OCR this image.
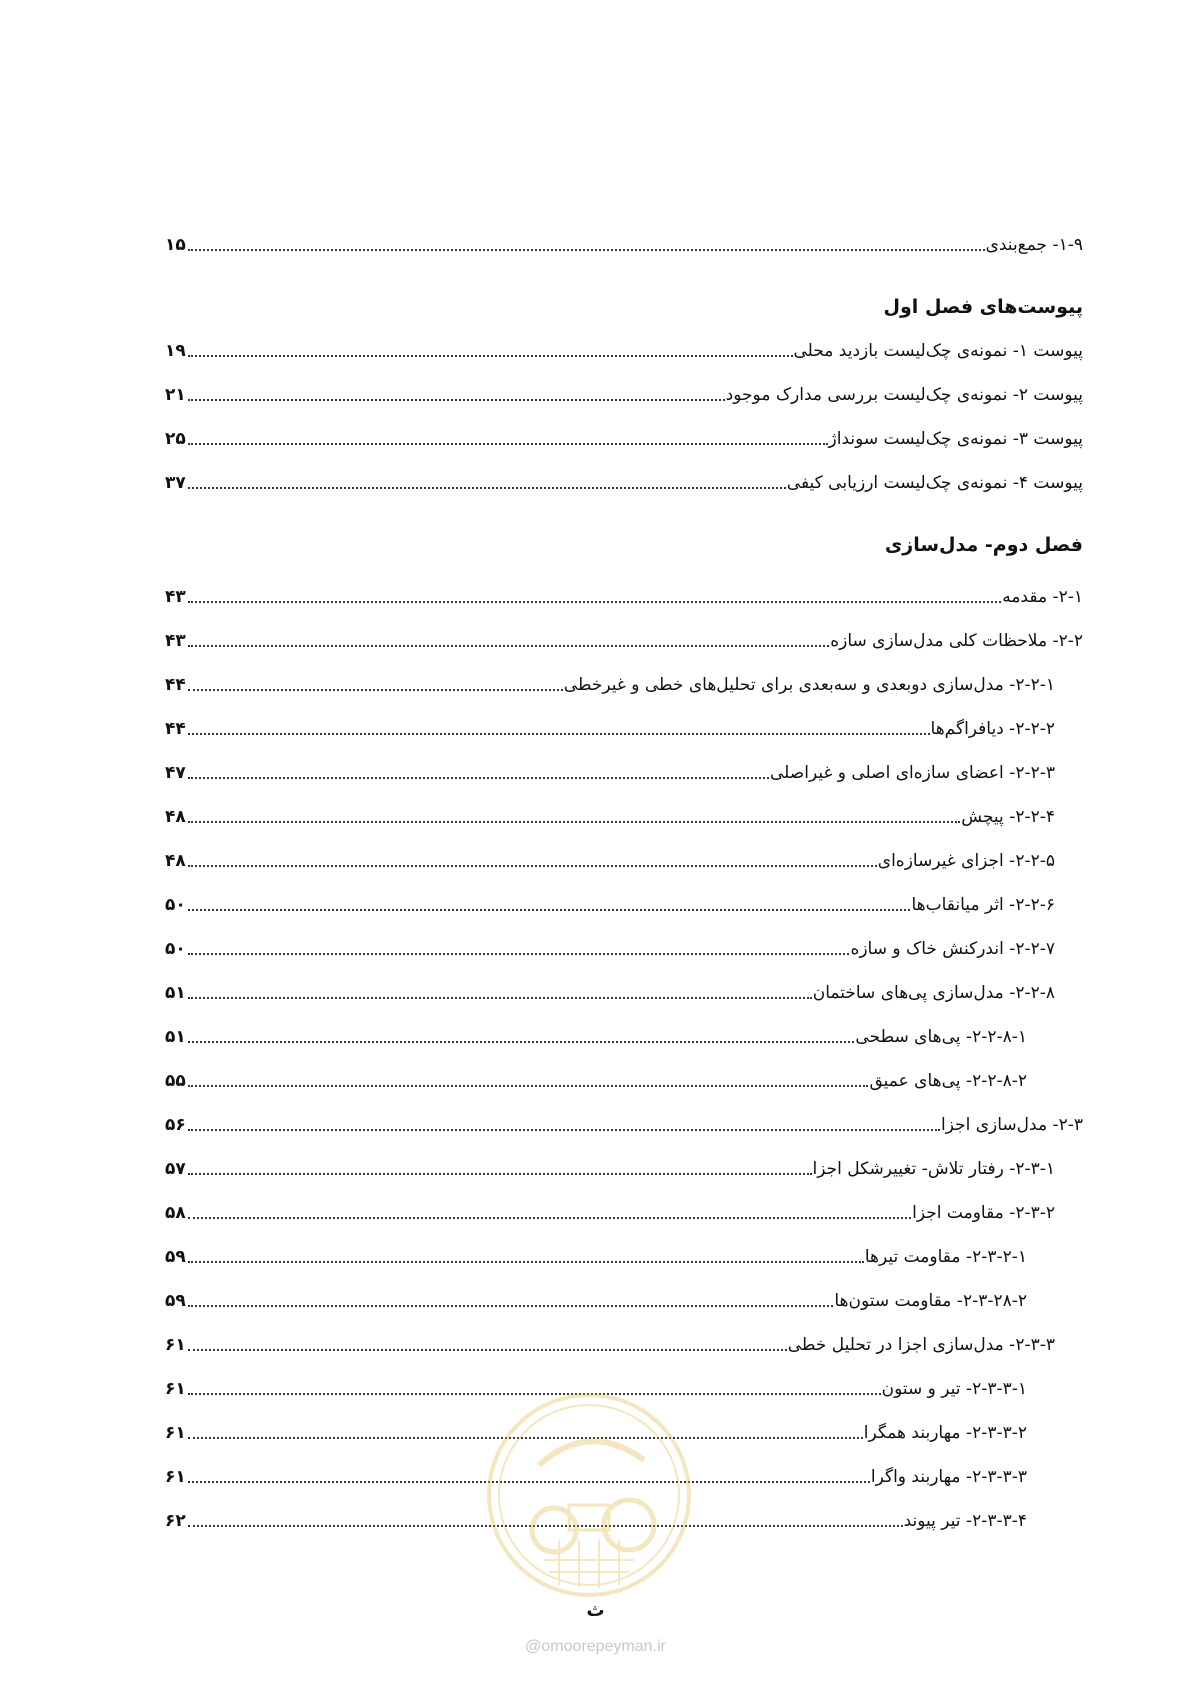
۱-۹- جمع‌بندی
۱۵
پیوست‌های فصل اول
پیوست ۱- نمونه‌ی چک‌لیست بازدید محلی
۱۹
پیوست ۲- نمونه‌ی چک‌لیست بررسی مدارک موجود
۲۱
پیوست ۳- نمونه‌ی چک‌لیست سونداژ
۲۵
پیوست ۴- نمونه‌ی چک‌لیست ارزیابی کیفی
۳۷
فصل دوم- مدل‌سازی
۲-۱- مقدمه
۴۳
۲-۲- ملاحظات کلی مدل‌سازی سازه
۴۳
۲-۲-۱- مدل‌سازی دوبعدی و سه‌بعدی برای تحلیل‌های خطی و غیرخطی
۴۴
۲-۲-۲- دیافراگم‌ها
۴۴
۲-۲-۳- اعضای سازه‌ای اصلی و غیراصلی
۴۷
۲-۲-۴- پیچش
۴۸
۲-۲-۵- اجزای غیرسازه‌ای
۴۸
۲-۲-۶- اثر میانقاب‌ها
۵۰
۲-۲-۷- اندرکنش خاک و سازه
۵۰
۲-۲-۸- مدل‌سازی پی‌های ساختمان
۵۱
۲-۲-۸-۱- پی‌های سطحی
۵۱
۲-۲-۸-۲- پی‌های عمیق
۵۵
۲-۳- مدل‌سازی اجزا
۵۶
۲-۳-۱- رفتار تلاش- تغییرشکل اجزا
۵۷
۲-۳-۲- مقاومت اجزا
۵۸
۲-۳-۲-۱- مقاومت تیرها
۵۹
۲-۳-۲۸-۲- مقاومت ستون‌ها
۵۹
۲-۳-۳- مدل‌سازی اجزا در تحلیل خطی
۶۱
۲-۳-۳-۱- تیر و ستون
۶۱
۲-۳-۳-۲- مهاربند همگرا
۶۱
۲-۳-۳-۳- مهاربند واگرا
۶۱
۲-۳-۳-۴- تیر پیوند
۶۲
ث
@omoorepeyman.ir
